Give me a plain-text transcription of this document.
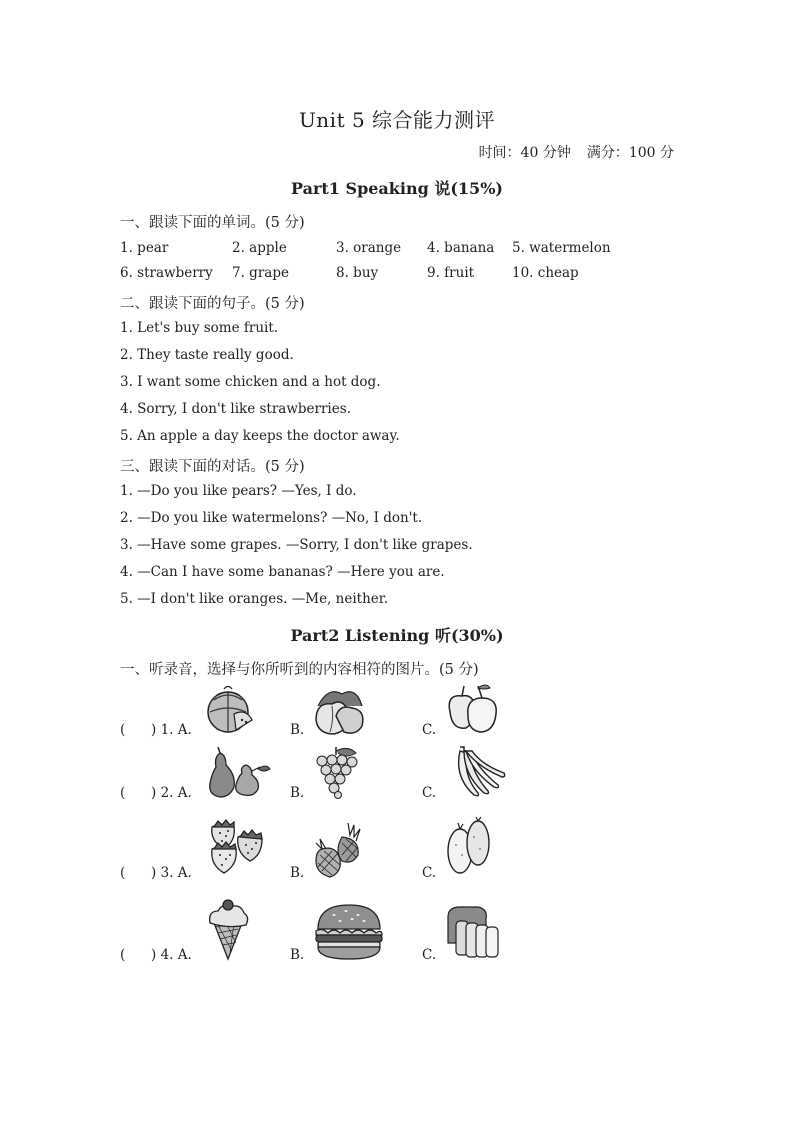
Unit 5 综合能力测评
时间：40 分钟 满分：100 分
Part1 Speaking 说(15%)
一、跟读下面的单词。(5 分)
1. pear	2. apple	3. orange	4. banana	5. watermelon
6. strawberry	7. grape	8. buy	9. fruit	10. cheap
二、跟读下面的句子。(5 分)
1. Let's buy some fruit.
2. They taste really good.
3. I want some chicken and a hot dog.
4. Sorry, I don't like strawberries.
5. An apple a day keeps the doctor away.
三、跟读下面的对话。(5 分)
1. —Do you like pears? —Yes, I do.
2. —Do you like watermelons? —No, I don't.
3. —Have some grapes. —Sorry, I don't like grapes.
4. —Can I have some bananas? —Here you are.
5. —I don't like oranges. —Me, neither.
Part2 Listening 听(30%)
一、听录音，选择与你所听到的内容相符的图片。(5 分)
(      ) 1. A.	B.	C.
(      ) 2. A.	B.	C.
(      ) 3. A.	B.	C.
(      ) 4. A.	B.	C.
